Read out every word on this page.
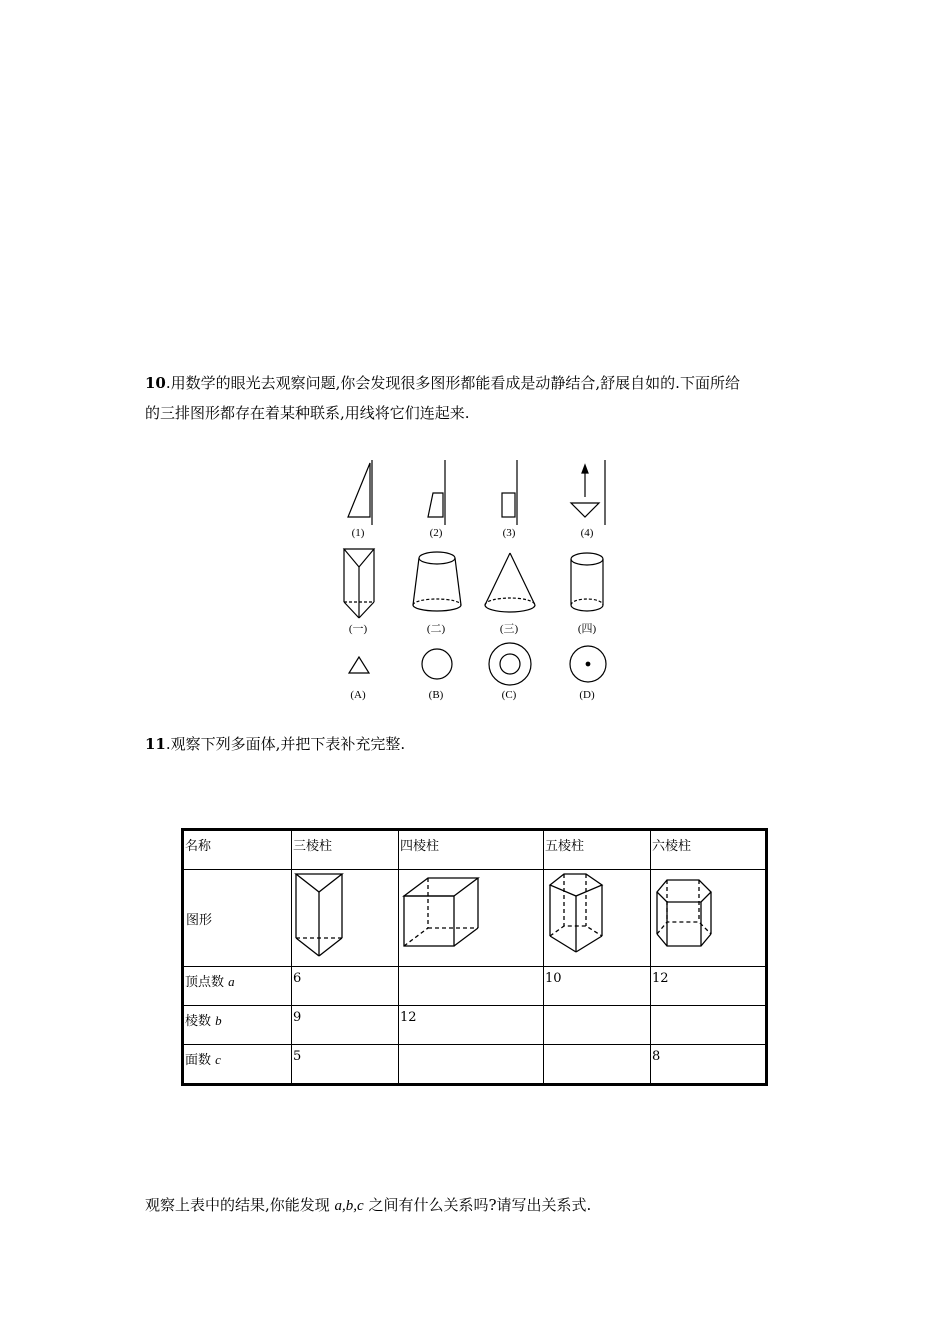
10.用数学的眼光去观察问题,你会发现很多图形都能看成是动静结合,舒展自如的.下面所给
的三排图形都存在着某种联系,用线将它们连起来.
(1)	(2)	(3)	(4)
(一)	(二)	(三)	(四)
(A)	(B)	(C)	(D)
11.观察下列多面体,并把下表补充完整.
名称	三棱柱	四棱柱	五棱柱	六棱柱
图形				
顶点数 a	6		10	12
棱数 b	9	12		
面数 c	5			8
观察上表中的结果,你能发现 a,b,c 之间有什么关系吗?请写出关系式.
